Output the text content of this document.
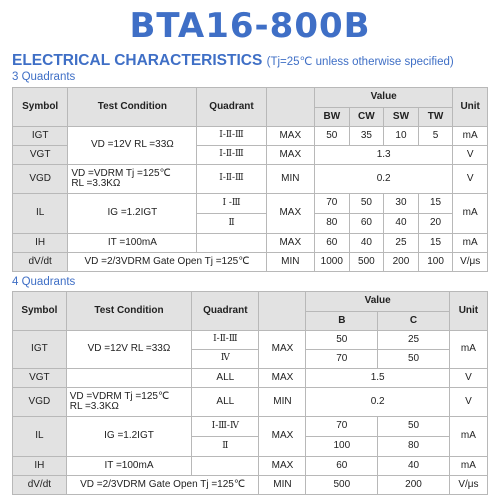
BTA16-800B
ELECTRICAL CHARACTERISTICS (Tj=25℃ unless otherwise specified)
3 Quadrants
Symbol	Test Condition	Quadrant		Value				Unit
				BW	CW	SW	TW	
IGT	VD =12V RL =33Ω	Ⅰ-Ⅱ-Ⅲ	MAX	50	35	10	5	mA
VGT		Ⅰ-Ⅱ-Ⅲ	MAX	1.3				V
VGD	VD =VDRM Tj =125℃
RL =3.3KΩ	Ⅰ-Ⅱ-Ⅲ	MIN	0.2				V
IL	IG =1.2IGT	Ⅰ -Ⅲ	MAX	70	50	30	15	mA
		Ⅱ		80	60	40	20	
IH	IT =100mA		MAX	60	40	25	15	mA
dV/dt	VD =2/3VDRM Gate Open Tj =125℃		MIN	1000	500	200	100	V/μs
4 Quadrants
Symbol	Test Condition	Quadrant		Value		Unit
				B	C	
IGT	VD =12V RL =33Ω	Ⅰ-Ⅱ-Ⅲ	MAX	50	25	mA
		Ⅳ		70	50	
VGT		ALL	MAX	1.5		V
VGD	VD =VDRM Tj =125℃
RL =3.3KΩ	ALL	MIN	0.2		V
IL	IG =1.2IGT	Ⅰ-Ⅲ-Ⅳ	MAX	70	50	mA
		Ⅱ		100	80	
IH	IT =100mA		MAX	60	40	mA
dV/dt	VD =2/3VDRM Gate Open Tj =125℃		MIN	500	200	V/μs
